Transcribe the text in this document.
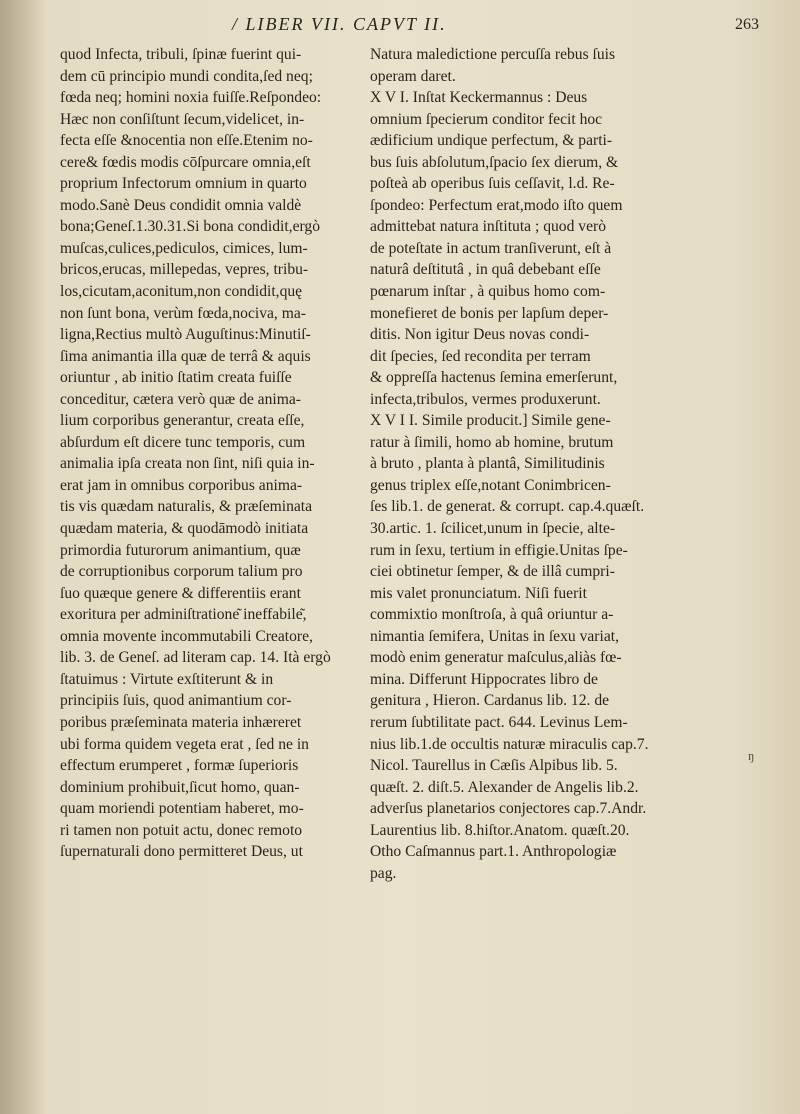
/ LIBER VII. CAPVT II.	263
quod Infecta, tribuli, ſpinæ fuerint qui-
dem cū principio mundi condita,ſed neq;
fœda neq; homini noxia fuiſſe.Reſpondeo:
Hæc non conſiſtunt ſecum,videlicet, in-
fecta eſſe &nocentia non eſſe.Etenim no-
cere& fœdis modis cōſpurcare omnia,eſt
proprium Infectorum omnium in quarto
modo.Sanè Deus condidit omnia valdè
bona;Geneſ.1.30.31.Si bona condidit,ergò
muſcas,culices,pediculos, cimices, lum-
bricos,erucas, millepedas, vepres, tribu-
los,cicutam,aconitum,non condidit,quę
non ſunt bona, verùm fœda,nociva, ma-
ligna,Rectius multò Auguſtinus:Minutiſ-
ſima animantia illa quæ de terrâ & aquis
oriuntur , ab initio ſtatim creata fuiſſe
conceditur, cætera verò quæ de anima-
lium corporibus generantur, creata eſſe,
abſurdum eſt dicere tunc temporis, cum
animalia ipſa creata non ſint, niſi quia in-
erat jam in omnibus corporibus anima-
tis vis quædam naturalis, & præſeminata
quædam materia, & quodāmodò initiata
primordia futurorum animantium, quæ
de corruptionibus corporum talium pro
ſuo quæque genere & differentiis erant
exoritura per adminiſtratione͂ ineffabile͂,
omnia movente incommutabili Creatore,
lib. 3. de Geneſ. ad literam cap. 14. Ità ergò
ſtatuimus : Virtute exſtiterunt & in
principiis ſuis, quod animantium cor-
poribus præſeminata materia inhæreret
ubi forma quidem vegeta erat , ſed ne in
effectum erumperet , formæ ſuperioris
dominium prohibuit,ſicut homo, quan-
quam moriendi potentiam haberet, mo-
ri tamen non potuit actu, donec remoto
ſupernaturali dono permitteret Deus, ut
Natura maledictione percuſſa rebus ſuis
operam daret.
X V I. Inſtat Keckermannus : Deus
omnium ſpecierum conditor fecit hoc
ædificium undique perfectum, & parti-
bus ſuis abſolutum,ſpacio ſex dierum, &
poſteà ab operibus ſuis ceſſavit, l.d. Re-
ſpondeo: Perfectum erat,modo iſto quem
admittebat natura inſtituta ; quod verò
de poteſtate in actum tranſiverunt, eſt à
naturâ deſtitutâ , in quâ debebant eſſe
pœnarum inſtar , à quibus homo com-
monefieret de bonis per lapſum deper-
ditis. Non igitur Deus novas condi-
dit ſpecies, ſed recondita per terram
& oppreſſa hactenus ſemina emerſerunt,
infecta,tribulos, vermes produxerunt.
X V I I. Simile producit.] Simile gene-
ratur à ſimili, homo ab homine, brutum
à bruto , planta à plantâ, Similitudinis
genus triplex eſſe,notant Conimbricen-
ſes lib.1. de generat. & corrupt. cap.4.quæſt.
30.artic. 1. ſcilicet,unum in ſpecie, alte-
rum in ſexu, tertium in effigie.Unitas ſpe-
ciei obtinetur ſemper, & de illâ cumpri-
mis valet pronunciatum. Niſi fuerit
commixtio monſtroſa, à quâ oriuntur a-
nimantia ſemifera, Unitas in ſexu variat,
modò enim generatur maſculus,aliàs fœ-
mina. Differunt Hippocrates libro de
genitura , Hieron. Cardanus lib. 12. de
rerum ſubtilitate pact. 644. Levinus Lem-
nius lib.1.de occultis naturæ miraculis cap.7.
Nicol. Taurellus in Cæſis Alpibus lib. 5.
quæſt. 2. diſt.5. Alexander de Angelis lib.2.
adverſus planetarios conjectores cap.7.Andr.
Laurentius lib. 8.hiſtor.Anatom. quæſt.20.
Otho Caſmannus part.1. Anthropologiæ
pag.
ŋ
